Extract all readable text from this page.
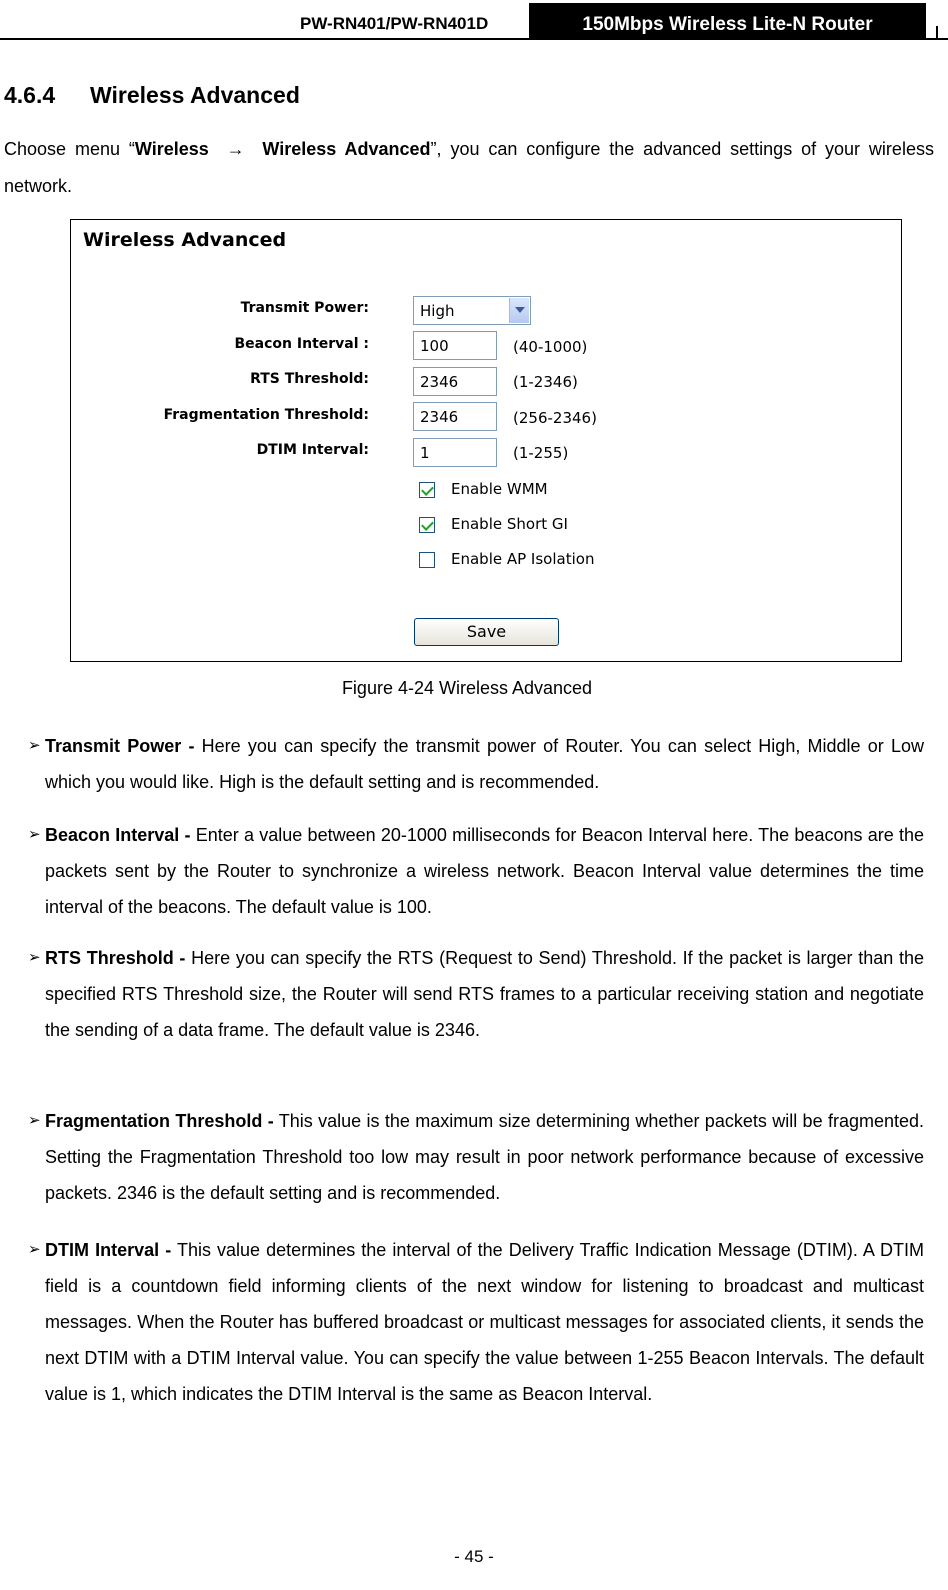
PW-RN401/PW-RN401D	150Mbps Wireless Lite-N Router
4.6.4 Wireless Advanced
Choose menu “Wireless → Wireless Advanced”, you can configure the advanced settings of your wireless network.
Wireless Advanced
Transmit Power:	High
Beacon Interval :	100	(40-1000)
RTS Threshold:	2346	(1-2346)
Fragmentation Threshold:	2346	(256-2346)
DTIM Interval:	1	(1-255)
Enable WMM
Enable Short GI
Enable AP Isolation
Save
Figure 4-24 Wireless Advanced
➢ Transmit Power - Here you can specify the transmit power of Router. You can select High, Middle or Low which you would like. High is the default setting and is recommended.
➢ Beacon Interval - Enter a value between 20-1000 milliseconds for Beacon Interval here. The beacons are the packets sent by the Router to synchronize a wireless network. Beacon Interval value determines the time interval of the beacons. The default value is 100.
➢ RTS Threshold - Here you can specify the RTS (Request to Send) Threshold. If the packet is larger than the specified RTS Threshold size, the Router will send RTS frames to a particular receiving station and negotiate the sending of a data frame. The default value is 2346.
➢ Fragmentation Threshold - This value is the maximum size determining whether packets will be fragmented. Setting the Fragmentation Threshold too low may result in poor network performance because of excessive packets. 2346 is the default setting and is recommended.
➢ DTIM Interval - This value determines the interval of the Delivery Traffic Indication Message (DTIM). A DTIM field is a countdown field informing clients of the next window for listening to broadcast and multicast messages. When the Router has buffered broadcast or multicast messages for associated clients, it sends the next DTIM with a DTIM Interval value. You can specify the value between 1-255 Beacon Intervals. The default value is 1, which indicates the DTIM Interval is the same as Beacon Interval.
- 45 -
